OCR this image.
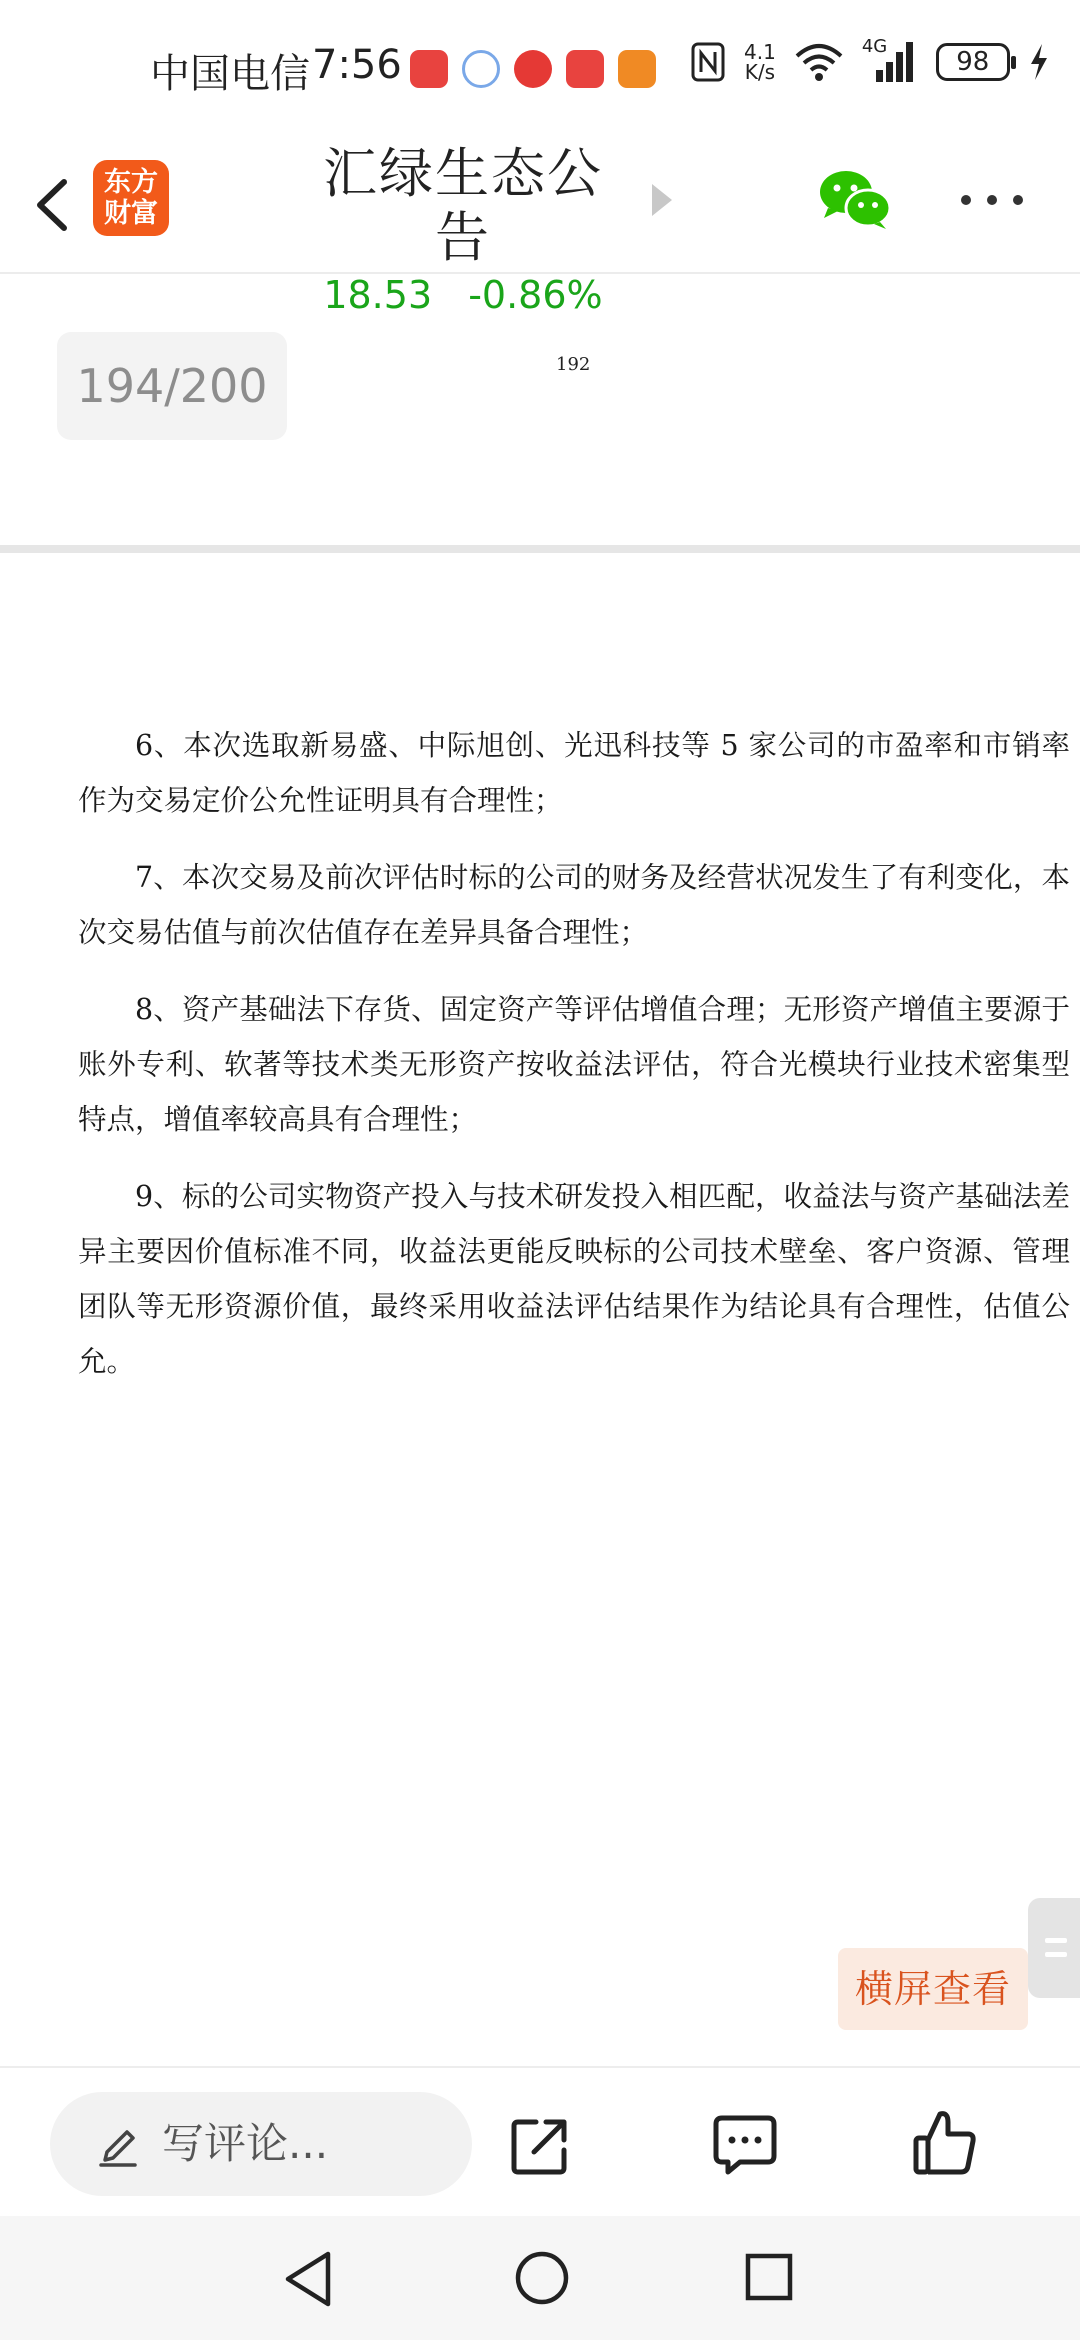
中国电信 7:56	4.1
K/s
4G
98
东方
财富
汇绿生态公告
18.53 -0.86%
194/200	192

6、本次选取新易盛、中际旭创、光迅科技等 5 家公司的市盈率和市销率作为交易定价公允性证明具有合理性；

7、本次交易及前次评估时标的公司的财务及经营状况发生了有利变化，本次交易估值与前次估值存在差异具备合理性；

8、资产基础法下存货、固定资产等评估增值合理；无形资产增值主要源于账外专利、软著等技术类无形资产按收益法评估，符合光模块行业技术密集型特点，增值率较高具有合理性；

9、标的公司实物资产投入与技术研发投入相匹配，收益法与资产基础法差异主要因价值标准不同，收益法更能反映标的公司技术壁垒、客户资源、管理团队等无形资源价值，最终采用收益法评估结果作为结论具有合理性，估值公允。

横屏查看
写评论...
